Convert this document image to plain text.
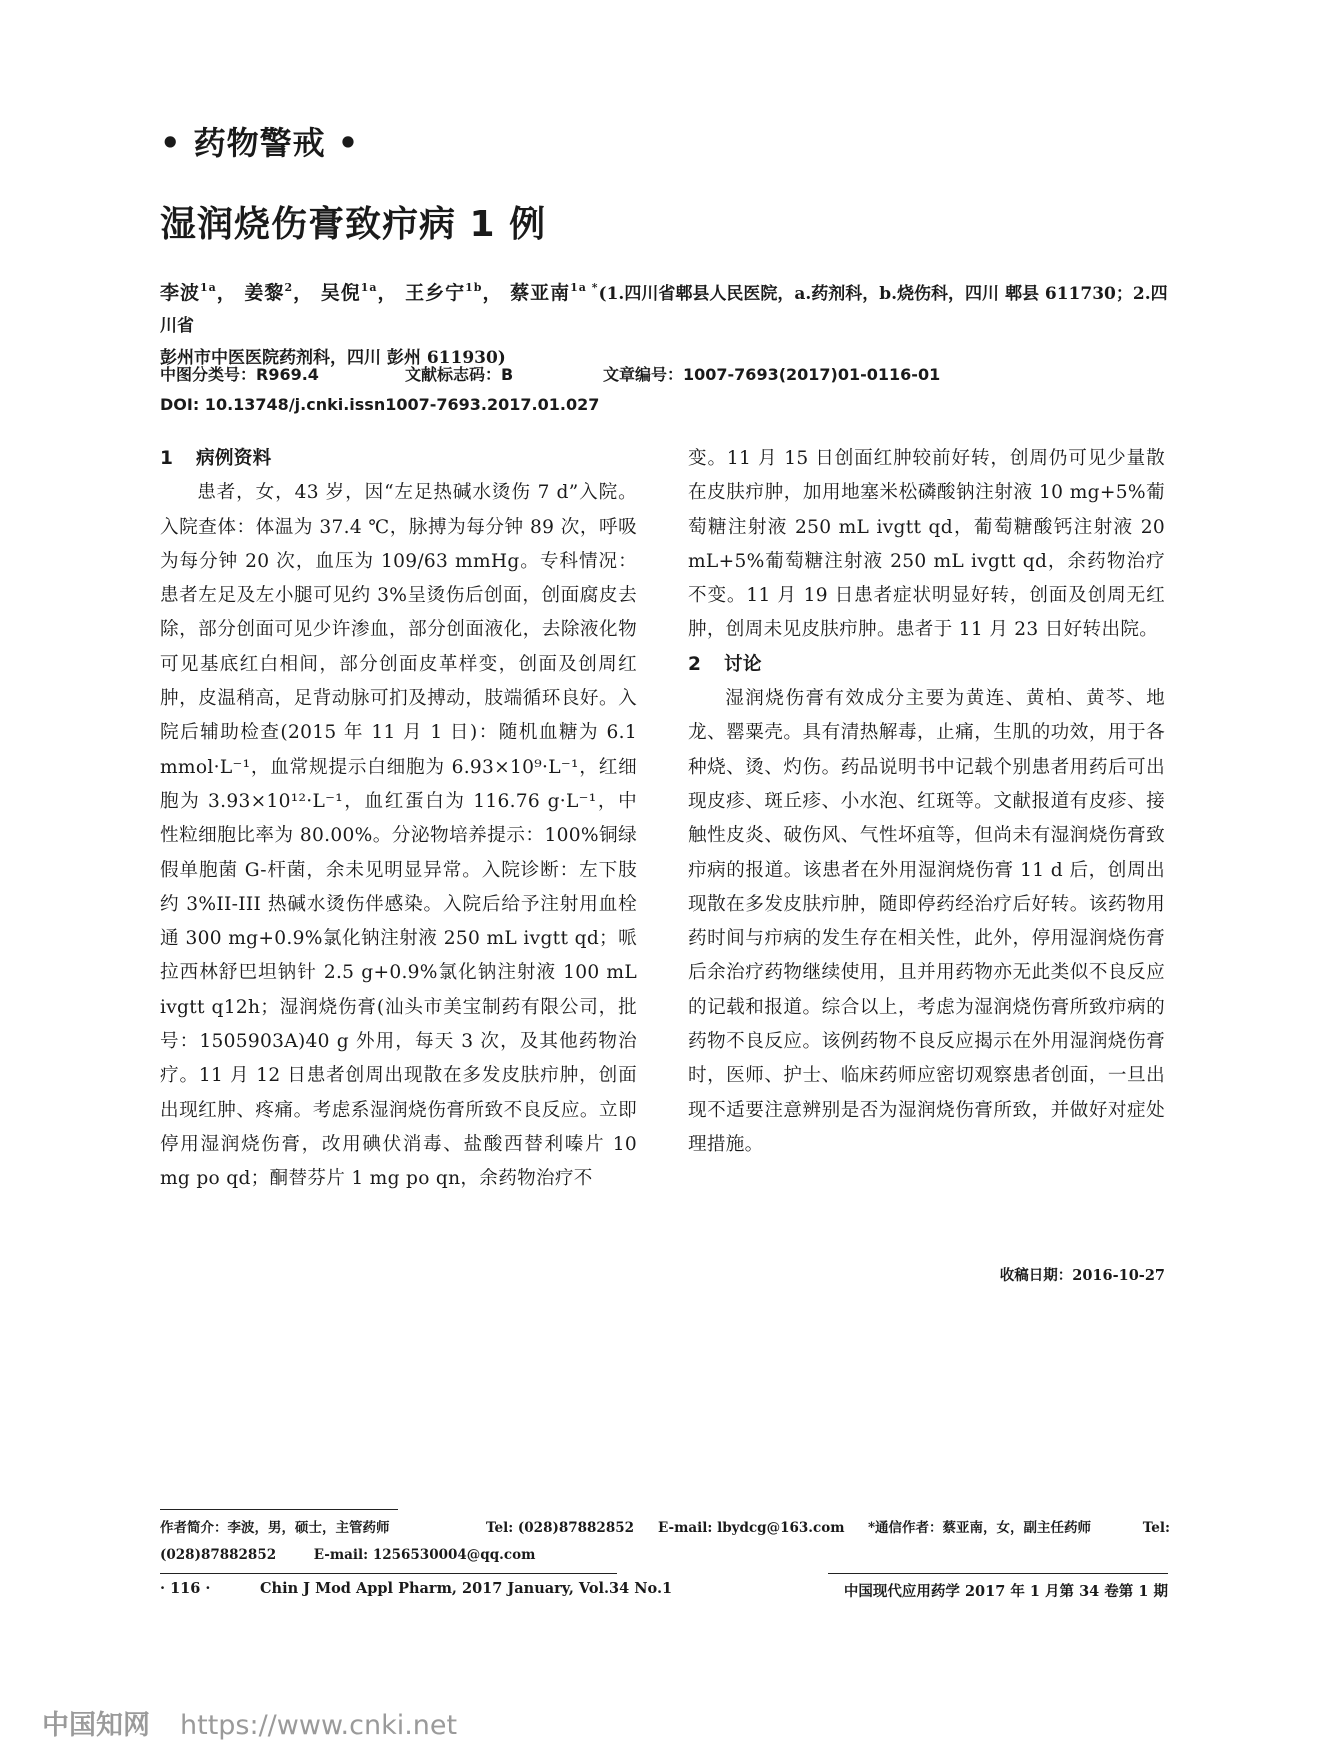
• 药物警戒 •
湿润烧伤膏致疖病 1 例
李波$^{1a}$， 姜黎$^2$， 吴倪$^{1a}$， 王乡宁$^{1b}$， 蔡亚南$^{1a *}$(1.四川省郫县人民医院，a.药剂科，b.烧伤科，四川 郫县 611730；2.四川省
彭州市中医医院药剂科，四川 彭州 611930)
中图分类号：R969.4	文献标志码：B	文章编号：1007-7693(2017)01-0116-01
DOI: 10.13748/j.cnki.issn1007-7693.2017.01.027
1 病例资料

患者，女，43 岁，因“左足热碱水烫伤 7 d”入院。入院查体：体温为 37.4 ℃，脉搏为每分钟 89 次，呼吸为每分钟 20 次，血压为 109/63 mmHg。专科情况：患者左足及左小腿可见约 3%呈烫伤后创面，创面腐皮去除，部分创面可见少许渗血，部分创面液化，去除液化物可见基底红白相间，部分创面皮革样变，创面及创周红肿，皮温稍高，足背动脉可扪及搏动，肢端循环良好。入院后辅助检查(2015 年 11 月 1 日)：随机血糖为 6.1 mmol·L⁻¹，血常规提示白细胞为 6.93×10⁹·L⁻¹，红细胞为 3.93×10¹²·L⁻¹，血红蛋白为 116.76 g·L⁻¹，中性粒细胞比率为 80.00%。分泌物培养提示：100%铜绿假单胞菌 G-杆菌，余未见明显异常。入院诊断：左下肢约 3%II-III 热碱水烫伤伴感染。入院后给予注射用血栓通 300 mg+0.9%氯化钠注射液 250 mL ivgtt qd；哌拉西林舒巴坦钠针 2.5 g+0.9%氯化钠注射液 100 mL ivgtt q12h；湿润烧伤膏(汕头市美宝制药有限公司，批号：1505903A)40 g 外用，每天 3 次，及其他药物治疗。11 月 12 日患者创周出现散在多发皮肤疖肿，创面出现红肿、疼痛。考虑系湿润烧伤膏所致不良反应。立即停用湿润烧伤膏，改用碘伏消毒、盐酸西替利嗪片 10 mg po qd；酮替芬片 1 mg po qn，余药物治疗不

变。11 月 15 日创面红肿较前好转，创周仍可见少量散在皮肤疖肿，加用地塞米松磷酸钠注射液 10 mg+5%葡萄糖注射液 250 mL ivgtt qd，葡萄糖酸钙注射液 20 mL+5%葡萄糖注射液 250 mL ivgtt qd，余药物治疗不变。11 月 19 日患者症状明显好转，创面及创周无红肿，创周未见皮肤疖肿。患者于 11 月 23 日好转出院。

2 讨论

湿润烧伤膏有效成分主要为黄连、黄柏、黄芩、地龙、罂粟壳。具有清热解毒，止痛，生肌的功效，用于各种烧、烫、灼伤。药品说明书中记载个别患者用药后可出现皮疹、斑丘疹、小水泡、红斑等。文献报道有皮疹、接触性皮炎、破伤风、气性坏疽等，但尚未有湿润烧伤膏致疖病的报道。该患者在外用湿润烧伤膏 11 d 后，创周出现散在多发皮肤疖肿，随即停药经治疗后好转。该药物用药时间与疖病的发生存在相关性，此外，停用湿润烧伤膏后余治疗药物继续使用，且并用药物亦无此类似不良反应的记载和报道。综合以上，考虑为湿润烧伤膏所致疖病的药物不良反应。该例药物不良反应揭示在外用湿润烧伤膏时，医师、护士、临床药师应密切观察患者创面，一旦出现不适要注意辨别是否为湿润烧伤膏所致，并做好对症处理措施。

收稿日期：2016-10-27
作者简介：李波，男，硕士，主管药师	Tel: (028)87882852	E-mail: lbydcg@163.com	*通信作者：蔡亚南，女，副主任药师	Tel:
(028)87882852	E-mail: 1256530004@qq.com
· 116 ·	Chin J Mod Appl Pharm, 2017 January, Vol.34 No.1	中国现代应用药学 2017 年 1 月第 34 卷第 1 期
中国知网 https://www.cnki.net
